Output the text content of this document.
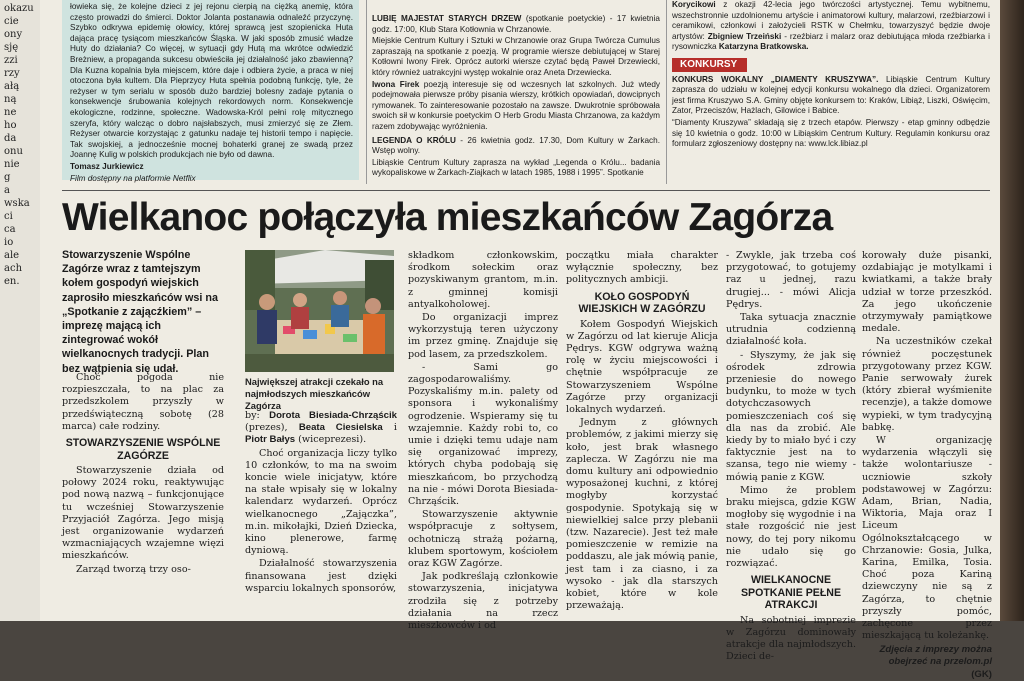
okazu
cie
ony
sję
zzi
rzy
ałą
ną
ne
ho
da
onu
nie
g
a
wska
ci
ca
io
ale
ach
en.

łowieka się, że kolejne dzieci z jej rejonu cierpią na ciężką anemię, która często prowadzi do śmierci. Doktor Jolanta postanawia odnaleźć przyczynę. Szybko odkrywa epidemię ołowicy, której sprawcą jest szopienicka Huta dająca pracę tysiącom mieszkańców Śląska. W jaki sposób zmusić władze Huty do działania? Co więcej, w sytuacji gdy Hutą ma wkrótce odwiedzić Breżniew, a propaganda sukcesu obwieściła jej działalność jako zbawienną? Dla Kuzna kopalnia była miejscem, które daje i odbiera życie, a praca w niej otoczona była kultem. Dla Pieprzycy Huta spełnia podobną funkcję, tyle, że reżyser w tym serialu w sposób dużo bardziej bolesny zadaje pytania o konsekwencje śrubowania kolejnych rekordowych norm. Konsekwencje ekologiczne, rodzinne, społeczne. Wadowska-Król pełni rolę mitycznego szeryfa, który walcząc o dobro najsłabszych, musi zmierzyć się ze Złem. Reżyser otwarcie korzystając z gatunku nadaje tej historii tempo i napięcie. Tak swojskiej, a jednocześnie mocnej bohaterki granej ze swadą przez Joannę Kulig w polskich produkcjach nie było od dawna.

Tomasz Jurkiewicz

Film dostępny na platformie Netflix

LUBIĘ MAJESTAT STARYCH DRZEW (spotkanie poetyckie) - 17 kwietnia godz. 17:00, Klub Stara Kotłownia w Chrzanowie.

Miejskie Centrum Kultury i Sztuki w Chrzanowie oraz Grupa Twórcza Cumulus zapraszają na spotkanie z poezją. W programie wiersze debiutującej w Starej Kotłowni Iwony Firek. Oprócz autorki wiersze czytać będą Paweł Drzewiecki, który również uatrakcyjni występ wokalnie oraz Aneta Drzewiecka.

Iwona Firek poezją interesuje się od wczesnych lat szkolnych. Już wtedy podejmowała pierwsze próby pisania wierszy, krótkich opowiadań, dowcipnych rymowanek. To zainteresowanie pozostało na zawsze. Dwukrotnie spróbowała swoich sił w konkursie poetyckim O Herb Grodu Miasta Chrzanowa, za każdym razem zdobywając wyróżnienia.

LEGENDA O KRÓLU - 26 kwietnia godz. 17.30, Dom Kultury w Żarkach. Wstęp wolny.

Libiąskie Centrum Kultury zaprasza na wykład „Legenda o Królu... badania wykopaliskowe w Żarkach-Ziajkach w latach 1985, 1988 i 1995”. Spotkanie

Korycikowi z okazji 42-lecia jego twórczości artystycznej. Temu wybitnemu, wszechstronnie uzdolnionemu artyście i animatorowi kultury, malarzowi, rzeźbiarzowi i ceramikowi, członkowi i założycieli RSTK w Chełmku, towarzyszyć będzie dwoje artystów: Zbigniew Trzeiński - rzeźbiarz i malarz oraz debiutująca młoda rzeźbiarka i rysowniczka Katarzyna Bratkowska.

KONKURSY

KONKURS WOKALNY „DIAMENTY KRUSZYWA”. Libiąskie Centrum Kultury zaprasza do udziału w kolejnej edycji konkursu wokalnego dla dzieci. Organizatorem jest firma Kruszywo S.A. Gminy objęte konkursem to: Kraków, Libiąż, Liszki, Oświęcim, Zator, Przeciszów, Hażlach, Gilowice i Babice.

“Diamenty Kruszywa” składają się z trzech etapów. Pierwszy - etap gminny odbędzie się 10 kwietnia o godz. 10:00 w Libiąskim Centrum Kultury. Regulamin konkursu oraz formularz zgłoszeniowy dostępny na: www.lck.libiaz.pl

Wielkanoc połączyła mieszkańców Zagórza
Stowarzyszenie Wspólne Zagórze wraz z tamtejszym kołem gospodyń wiejskich zaprosiło mieszkańców wsi na „Spotkanie z zającźkiem” – imprezę mającą ich zintegrować wokół wielkanocnych tradycji. Plan bez wątpienia się udał.
Największej atrakcji czekało na najmłodszych mieszkańców Zagórza

Choć pogoda nie rozpieszczała, to na plac za przedszkolem przyszły w przedświąteczną sobotę (28 marca) całe rodziny.

STOWARZYSZENIE WSPÓLNE ZAGÓRZE

Stowarzyszenie działa od połowy 2024 roku, reaktywując pod nową nazwą – funkcjonujące tu wcześniej Stowarzyszenie Przyjaciół Zagórza. Jego misją jest organizowanie wydarzeń wzmacniających wzajemne więzi mieszkańców.

Zarząd tworzą trzy oso-

by: Dorota Biesiada-Chrząścik (prezes), Beata Ciesielska i Piotr Bałys (wiceprezesi).

Choć organizacja liczy tylko 10 członków, to ma na swoim koncie wiele inicjatyw, które na stałe wpisały się w lokalny kalendarz wydarzeń. Oprócz wielkanocnego „Zajączka”, m.in. mikołajki, Dzień Dziecka, kino plenerowe, farmę dyniową.

Działalność stowarzyszenia finansowana jest dzięki wsparciu lokalnych sponsorów,

składkom członkowskim, środkom sołeckim oraz pozyskiwanym grantom, m.in. z gminnej komisji antyalkoholowej.

Do organizacji imprez wykorzystują teren użyczony im przez gminę. Znajduje się pod lasem, za przedszkolem.

- Sami go zagospodarowaliśmy. Pozyskaliśmy m.in. palety od sponsora i wykonaliśmy ogrodzenie. Wspieramy się tu wzajemnie. Każdy robi to, co umie i dzięki temu udaje nam się organizować imprezy, których chyba podobają się mieszkańcom, bo przychodzą na nie - mówi Dorota Biesiada-Chrząścik.

Stowarzyszenie aktywnie współpracuje z sołtysem, ochotniczą strażą pożarną, klubem sportowym, kościołem oraz KGW Zagórze.

Jak podkreślają członkowie stowarzyszenia, inicjatywa zrodziła się z potrzeby działania na rzecz mieszkowców i od

początku miała charakter wyłącznie społeczny, bez politycznych ambicji.

KOŁO GOSPODYŃ WIEJSKICH W ZAGÓRZU

Kołem Gospodyń Wiejskich w Zagórzu od lat kieruje Alicja Pędrys. KGW odgrywa ważną rolę w życiu miejscowości i chętnie współpracuje ze Stowarzyszeniem Wspólne Zagórze przy organizacji lokalnych wydarzeń.

Jednym z głównych problemów, z jakimi mierzy się koło, jest brak własnego zaplecza. W Zagórzu nie ma domu kultury ani odpowiednio wyposażonej kuchni, z której mogłyby korzystać gospodynie. Spotykają się w niewielkiej salce przy plebanii (tzw. Nazarecie). Jest też małe pomieszczenie w remizie na poddaszu, ale jak mówią panie, jest tam i za ciasno, i za wysoko - jak dla starszych kobiet, które w kole przeważają.

- Zwykle, jak trzeba coś przygotować, to gotujemy raz u jednej, razu drugiej... - mówi Alicja Pędrys.

Taka sytuacja znacznie utrudnia codzienną działalność koła.

- Słyszymy, że jak się ośrodek zdrowia przeniesie do nowego budynku, to może w tych dotychczasowych pomieszczeniach coś się dla nas da zrobić. Ale kiedy by to miało być i czy faktycznie jest na to szansa, tego nie wiemy - mówią panie z KGW.

Mimo że problem braku miejsca, gdzie KGW mogłoby się wygodnie i na stałe rozgościć nie jest nowy, do tej pory nikomu nie udało się go rozwiązać.

WIELKANOCNE SPOTKANIE PEŁNE ATRAKCJI

Na sobotniej imprezie w Zagórzu dominowały atrakcje dla najmłodszych. Dzieci de-

korowały duże pisanki, ozdabiając je motylkami i kwiatkami, a także brały udział w torze przeszkód. Za jego ukończenie otrzymywały pamiątkowe medale.

Na uczestników czekał również poczęstunek przygotowany przez KGW. Panie serwowały żurek (który zbierał wyśmienite recenzje), a także domowe wypieki, w tym tradycyjną babkę.

W organizację wydarzenia włączyli się także wolontariusze - uczniowie szkoły podstawowej w Zagórzu: Adam, Brian, Nadia, Wiktoria, Maja oraz I Liceum Ogólnokształcącego w Chrzanowie: Gosia, Julka, Karina, Emilka, Tosia. Choć poza Kariną dziewczyny nie są z Zagórza, to chętnie przyszły pomóc, zachęcone przez mieszkającą tu koleżankę.

Zdjęcia z imprezy można obejrzeć na przelom.pl

(GK)
